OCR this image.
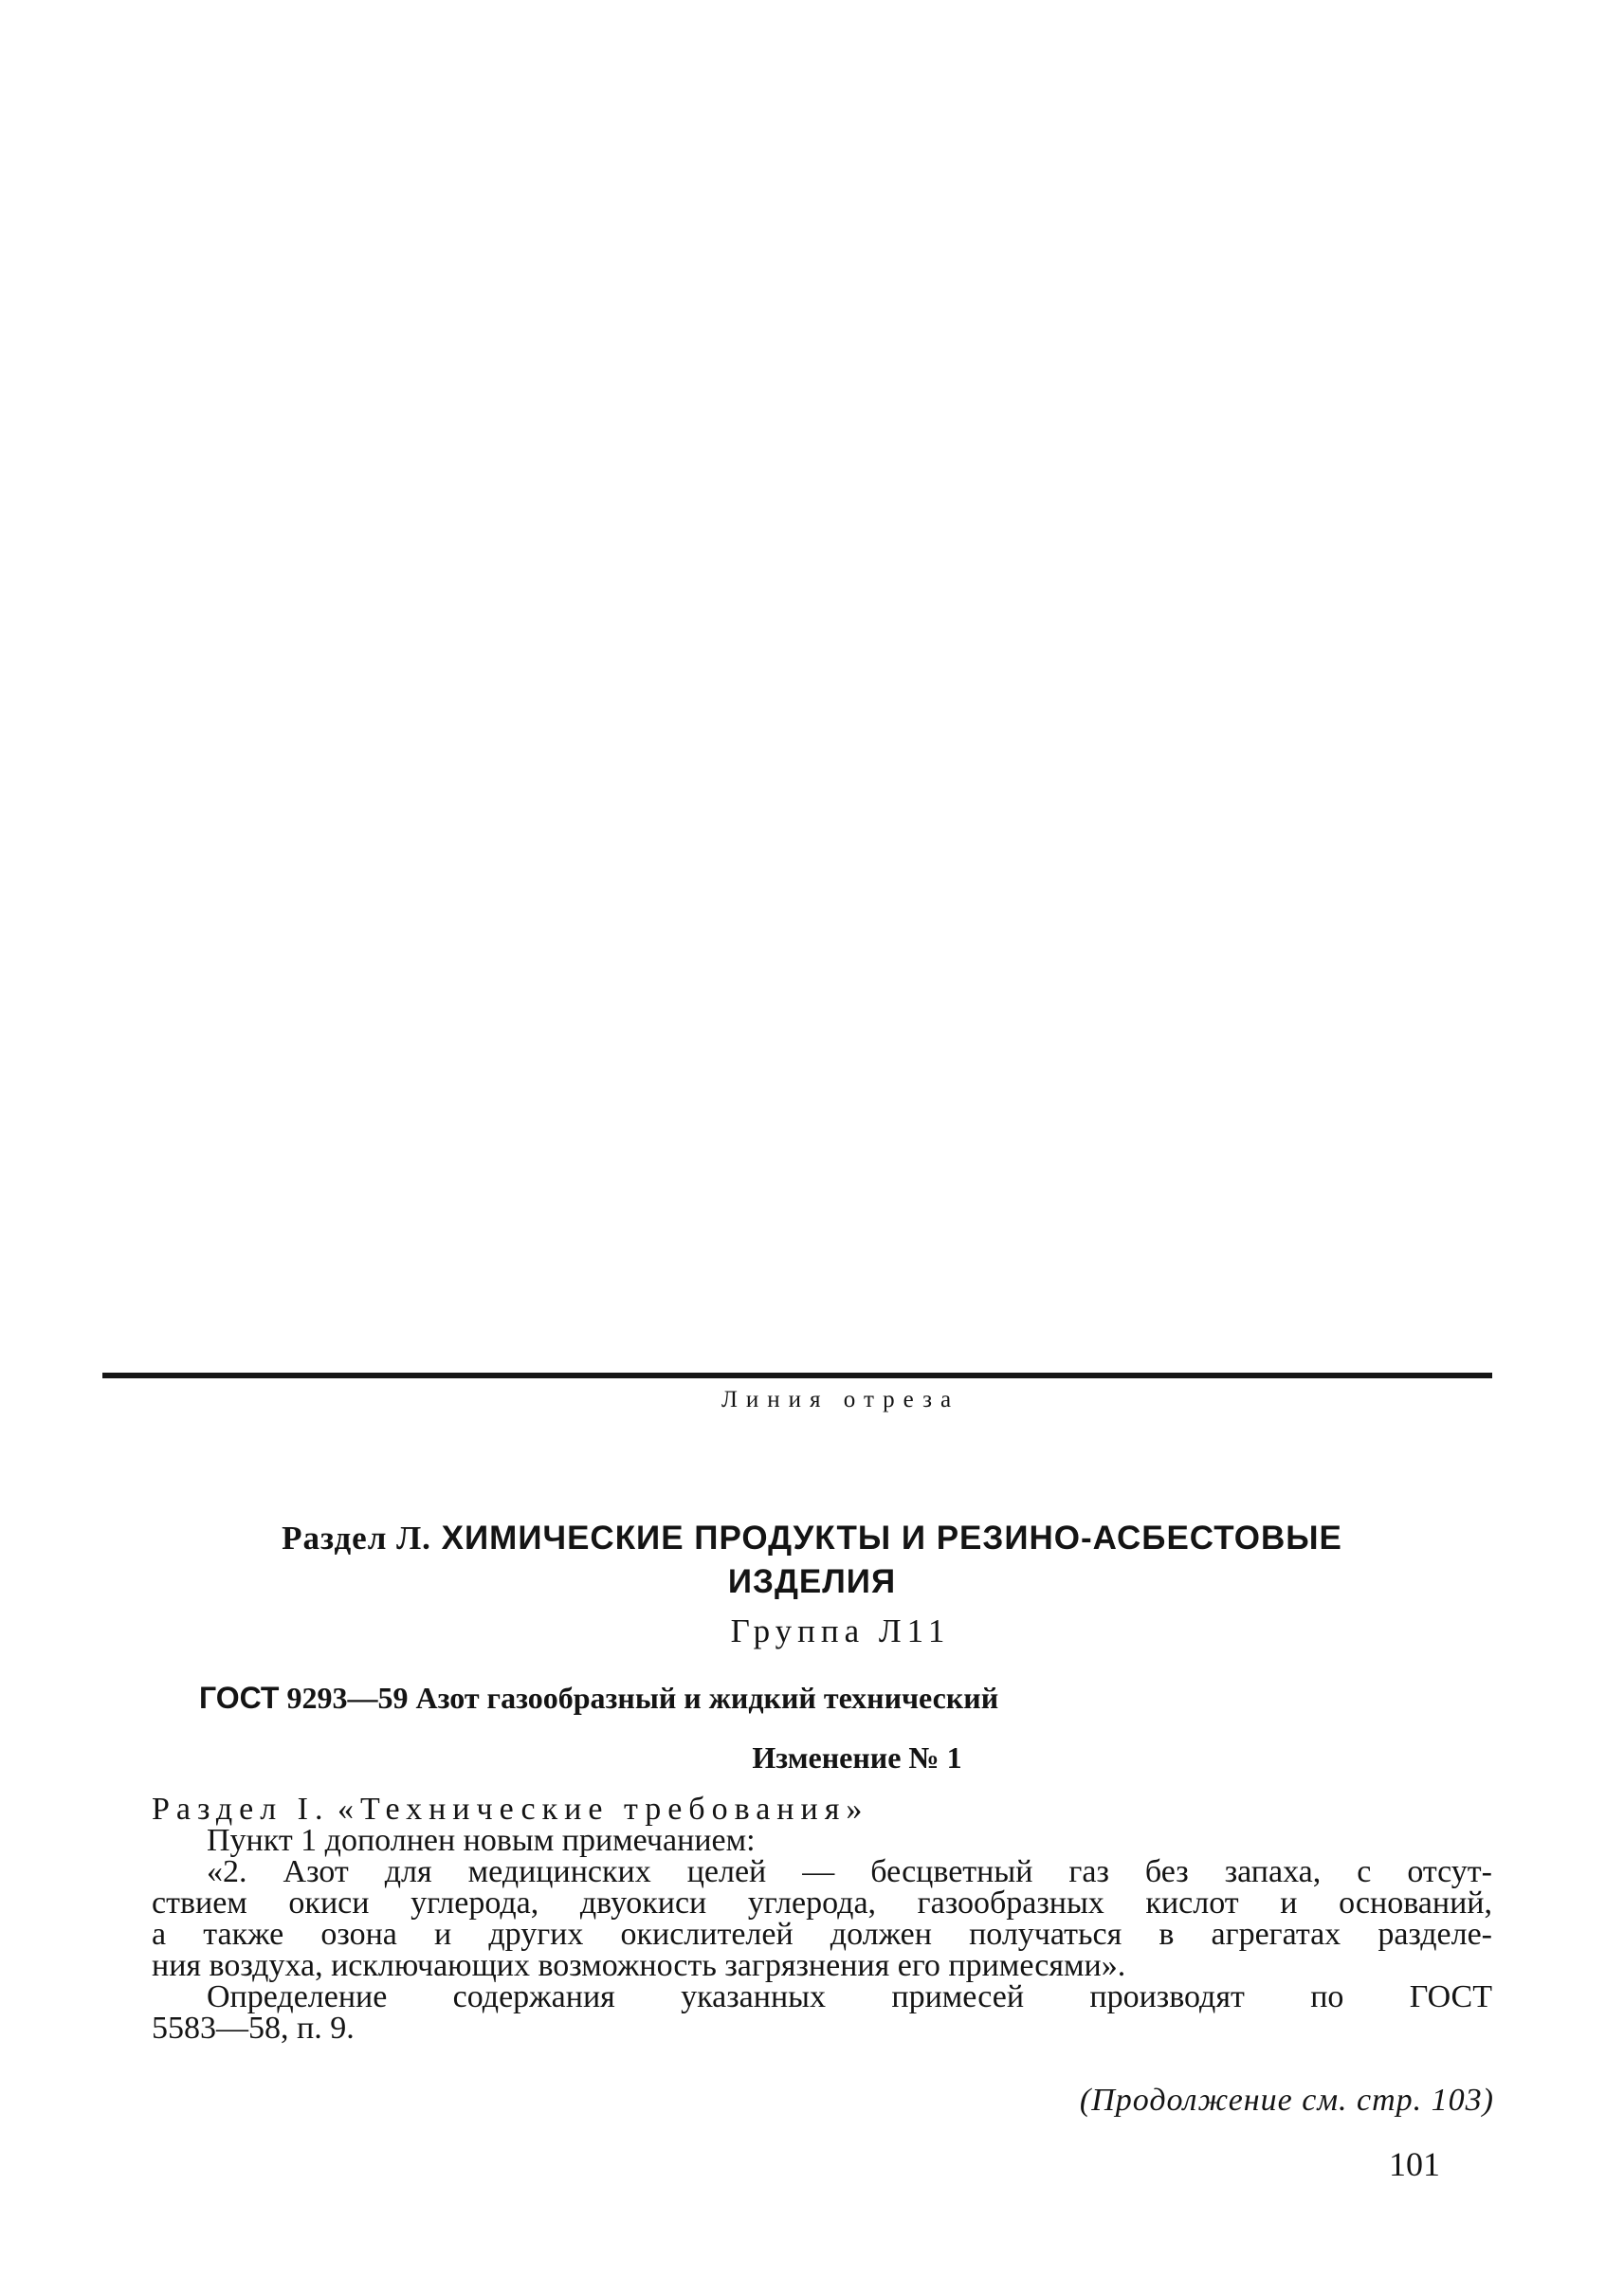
Линия отреза
Раздел Л. ХИМИЧЕСКИЕ ПРОДУКТЫ И РЕЗИНО-АСБЕСТОВЫЕ
ИЗДЕЛИЯ
Группа Л11
ГОСТ 9293—59 Азот газообразный и жидкий технический
Изменение № 1
Раздел I. «Технические требования»
Пункт 1 дополнен новым примечанием:
«2. Азот для медицинских целей — бесцветный газ без запаха, с отсут-
ствием окиси углерода, двуокиси углерода, газообразных кислот и оснований,
а также озона и других окислителей должен получаться в агрегатах разделе-
ния воздуха, исключающих возможность загрязнения его примесями».
Определение содержания указанных примесей производят по ГОСТ
5583—58, п. 9.
(Продолжение см. стр. 103)
101
